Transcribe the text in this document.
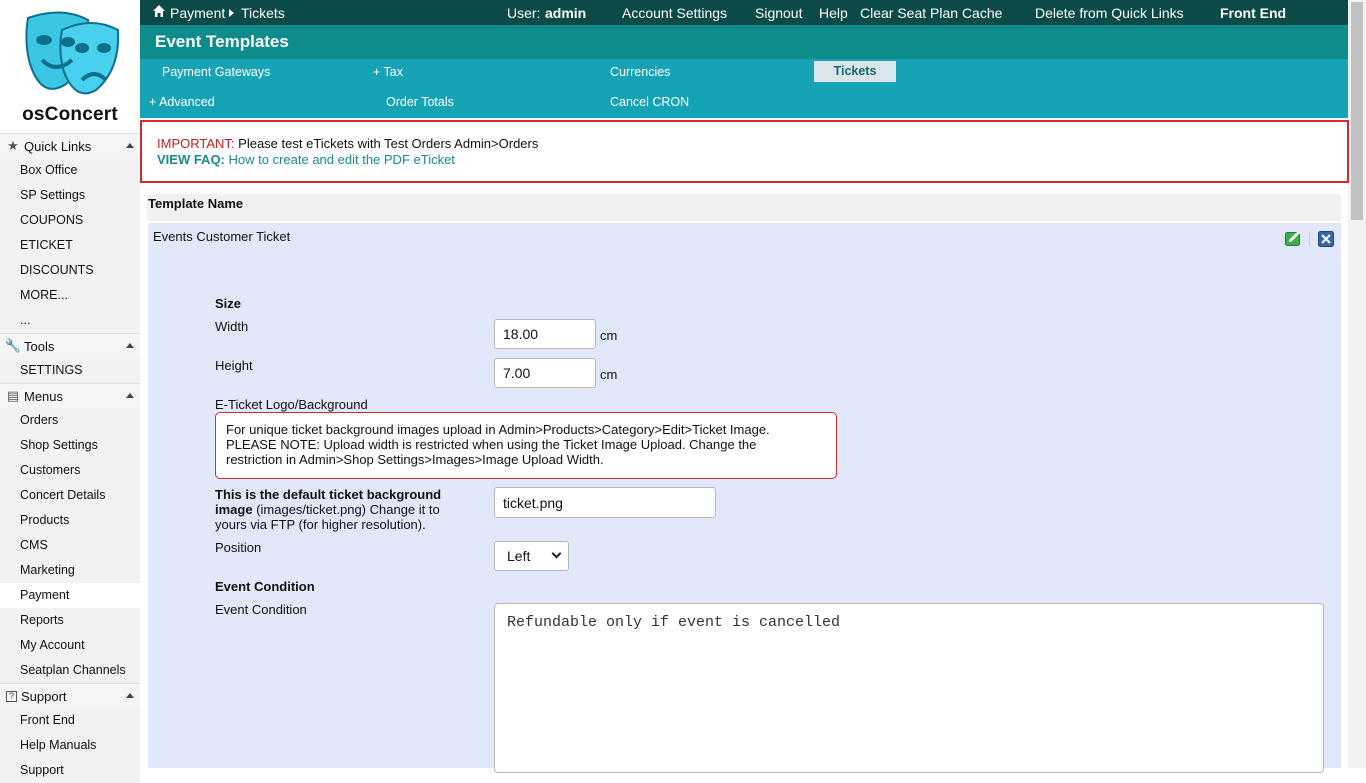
osConcert
★ Quick Links
Box Office
SP Settings
COUPONS
ETICKET
DISCOUNTS
MORE...
...
🔧 Tools
SETTINGS
▤ Menus
Orders
Shop Settings
Customers
Concert Details
Products
CMS
Marketing
Payment
Reports
My Account
Seatplan Channels
? Support
Front End
Help Manuals
Support
Payment Tickets	User: admin	Account Settings Signout Help Clear Seat Plan Cache Delete from Quick Links	Front End
Event Templates
Payment Gateways	+ Tax	Currencies	Tickets
+ Advanced	Order Totals	Cancel CRON
IMPORTANT: Please test eTickets with Test Orders Admin>Orders
VIEW FAQ: How to create and edit the PDF eTicket
Template Name
Events Customer Ticket
Size
Width	18.00	cm
Height	7.00	cm
E-Ticket Logo/Background
For unique ticket background images upload in Admin>Products>Category>Edit>Ticket Image.
PLEASE NOTE: Upload width is restricted when using the Ticket Image Upload. Change the
restriction in Admin>Shop Settings>Images>Image Upload Width.
This is the default ticket background
image (images/ticket.png) Change it to
yours via FTP (for higher resolution).
ticket.png
Position
Left
Event Condition
Event Condition
Refundable only if event is cancelled
